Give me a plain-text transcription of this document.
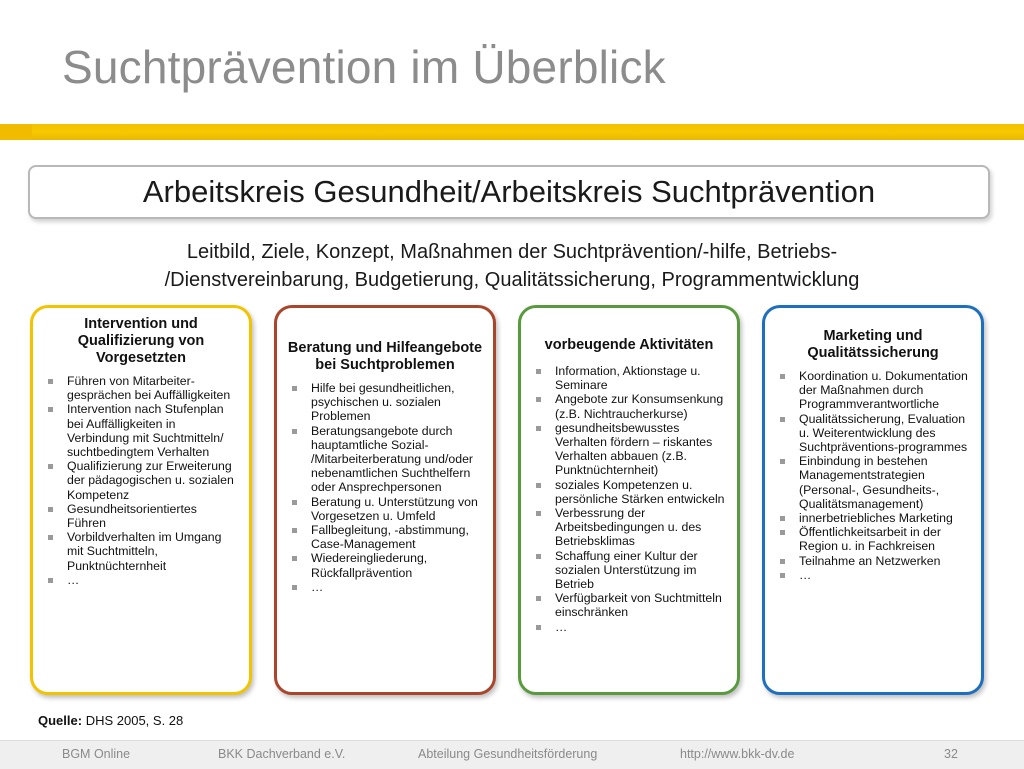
Suchtprävention im Überblick
Arbeitskreis Gesundheit/Arbeitskreis Suchtprävention
Leitbild, Ziele, Konzept, Maßnahmen der Suchtprävention/-hilfe, Betriebs-
/Dienstvereinbarung, Budgetierung, Qualitätssicherung, Programmentwicklung
Intervention und Qualifizierung von Vorgesetzten
Führen von Mitarbeiter-gesprächen bei Auffälligkeiten
Intervention nach Stufenplan bei Auffälligkeiten in Verbindung mit Suchtmitteln/ suchtbedingtem Verhalten
Qualifizierung zur Erweiterung der pädagogischen u. sozialen Kompetenz
Gesundheitsorientiertes Führen
Vorbildverhalten im Umgang mit Suchtmitteln, Punktnüchternheit
…
Beratung und Hilfeangebote bei Suchtproblemen
Hilfe bei gesundheitlichen, psychischen u. sozialen Problemen
Beratungsangebote durch hauptamtliche Sozial- /Mitarbeiterberatung und/oder nebenamtlichen Suchthelfern oder Ansprechpersonen
Beratung u. Unterstützung von Vorgesetzen u. Umfeld
Fallbegleitung, -abstimmung, Case-Management
Wiedereingliederung, Rückfallprävention
…
vorbeugende Aktivitäten
Information, Aktionstage u. Seminare
Angebote zur Konsumsenkung (z.B. Nichtraucherkurse)
gesundheitsbewusstes Verhalten fördern – riskantes Verhalten abbauen (z.B. Punktnüchternheit)
soziales Kompetenzen u. persönliche Stärken entwickeln
Verbessrung der Arbeitsbedingungen u. des Betriebsklimas
Schaffung einer Kultur der sozialen Unterstützung im Betrieb
Verfügbarkeit von Suchtmitteln einschränken
…
Marketing und Qualitätssicherung
Koordination u. Dokumentation der Maßnahmen durch Programmverantwortliche
Qualitätssicherung, Evaluation u. Weiterentwicklung des Suchtpräventions-programmes
Einbindung in bestehen Managementstrategien (Personal-, Gesundheits-, Qualitätsmanagement)
innerbetriebliches Marketing
Öffentlichkeitsarbeit in der Region u. in Fachkreisen
Teilnahme an Netzwerken
…
Quelle: DHS 2005, S. 28
BGM Online	BKK Dachverband e.V.	Abteilung Gesundheitsförderung	http://www.bkk-dv.de	32
